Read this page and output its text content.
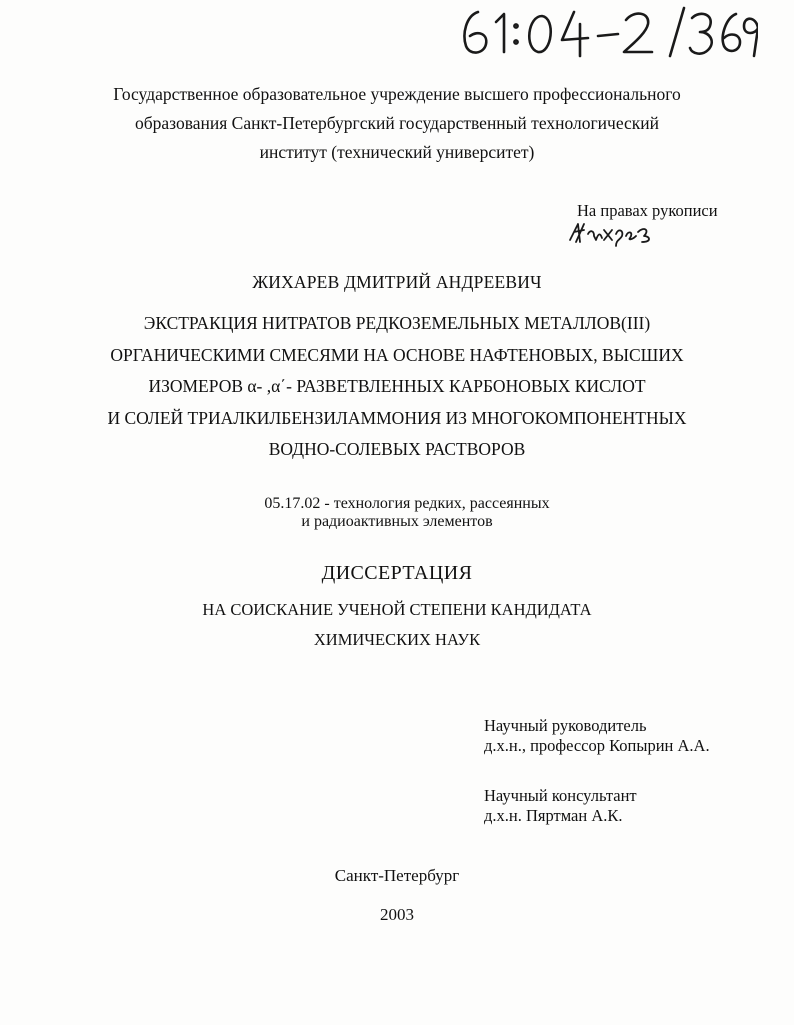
Государственное образовательное учреждение высшего профессионального
образования Санкт-Петербургский государственный технологический
институт (технический университет)
На правах рукописи
ЖИХАРЕВ ДМИТРИЙ АНДРЕЕВИЧ
ЭКСТРАКЦИЯ НИТРАТОВ РЕДКОЗЕМЕЛЬНЫХ МЕТАЛЛОВ(III)
ОРГАНИЧЕСКИМИ СМЕСЯМИ НА ОСНОВЕ НАФТЕНОВЫХ, ВЫСШИХ
ИЗОМЕРОВ α- ,α΄- РАЗВЕТВЛЕННЫХ КАРБОНОВЫХ КИСЛОТ
И СОЛЕЙ ТРИАЛКИЛБЕНЗИЛАММОНИЯ ИЗ МНОГОКОМПОНЕНТНЫХ
ВОДНО-СОЛЕВЫХ РАСТВОРОВ
05.17.02 - технология редких, рассеянных
и радиоактивных элементов
ДИССЕРТАЦИЯ
НА СОИСКАНИЕ УЧЕНОЙ СТЕПЕНИ КАНДИДАТА
ХИМИЧЕСКИХ НАУК
Научный руководитель
д.х.н., профессор Копырин А.А.
Научный консультант
д.х.н. Пяртман А.К.
Санкт-Петербург
2003
